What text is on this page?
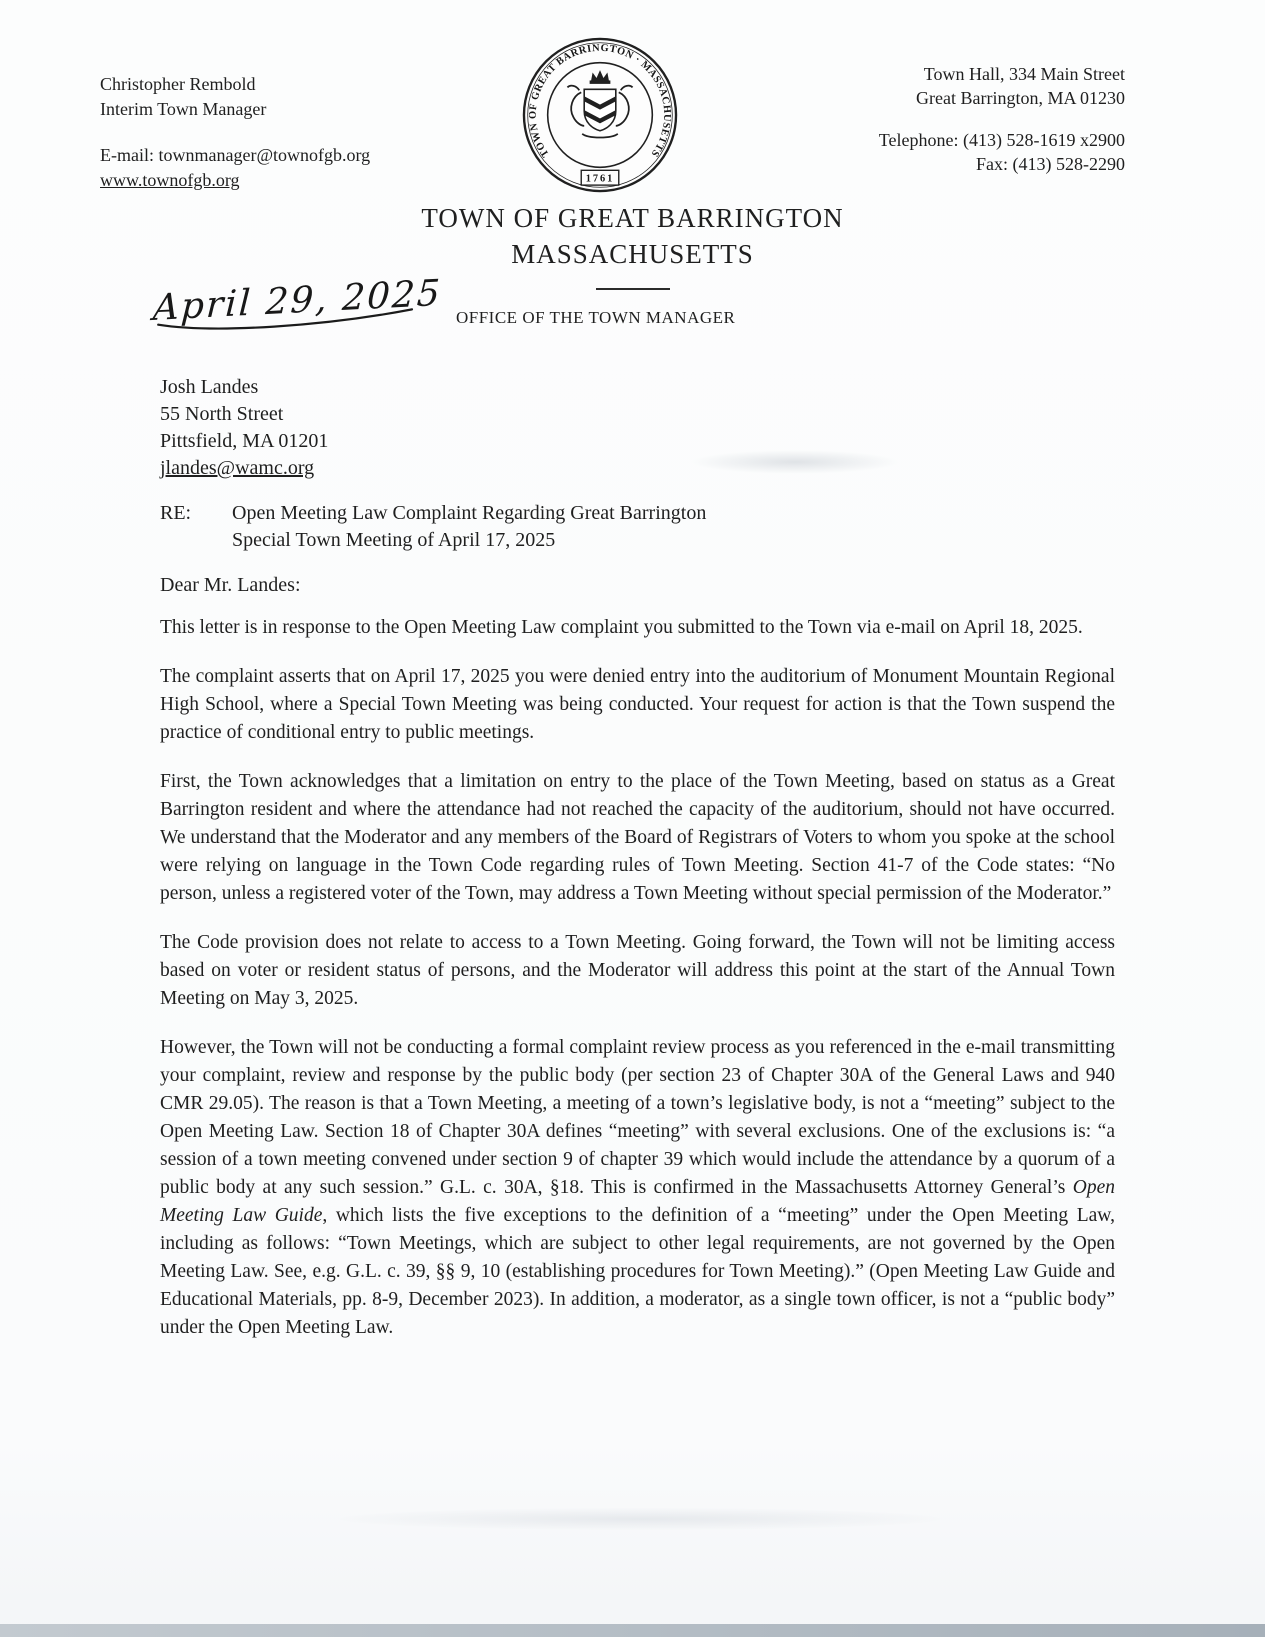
Christopher Rembold
Interim Town Manager
E-mail: townmanager@townofgb.org
www.townofgb.org
TOWN OF GREAT BARRINGTON · MASSACHUSETTS
1761
Town Hall, 334 Main Street
Great Barrington, MA 01230
Telephone: (413) 528-1619 x2900
Fax: (413) 528-2290
TOWN OF GREAT BARRINGTON
MASSACHUSETTS
OFFICE OF THE TOWN MANAGER
April 29, 2025
Josh Landes
55 North Street
Pittsfield, MA 01201
jlandes@wamc.org
RE:	Open Meeting Law Complaint Regarding Great Barrington
Special Town Meeting of April 17, 2025
Dear Mr. Landes:

This letter is in response to the Open Meeting Law complaint you submitted to the Town via e-mail on April 18, 2025.

The complaint asserts that on April 17, 2025 you were denied entry into the auditorium of Monument Mountain Regional High School, where a Special Town Meeting was being conducted. Your request for action is that the Town suspend the practice of conditional entry to public meetings.

First, the Town acknowledges that a limitation on entry to the place of the Town Meeting, based on status as a Great Barrington resident and where the attendance had not reached the capacity of the auditorium, should not have occurred. We understand that the Moderator and any members of the Board of Registrars of Voters to whom you spoke at the school were relying on language in the Town Code regarding rules of Town Meeting. Section 41-7 of the Code states: “No person, unless a registered voter of the Town, may address a Town Meeting without special permission of the Moderator.”

The Code provision does not relate to access to a Town Meeting. Going forward, the Town will not be limiting access based on voter or resident status of persons, and the Moderator will address this point at the start of the Annual Town Meeting on May 3, 2025.

However, the Town will not be conducting a formal complaint review process as you referenced in the e-mail transmitting your complaint, review and response by the public body (per section 23 of Chapter 30A of the General Laws and 940 CMR 29.05). The reason is that a Town Meeting, a meeting of a town’s legislative body, is not a “meeting” subject to the Open Meeting Law. Section 18 of Chapter 30A defines “meeting” with several exclusions. One of the exclusions is: “a session of a town meeting convened under section 9 of chapter 39 which would include the attendance by a quorum of a public body at any such session.” G.L. c. 30A, §18. This is confirmed in the Massachusetts Attorney General’s Open Meeting Law Guide, which lists the five exceptions to the definition of a “meeting” under the Open Meeting Law, including as follows: “Town Meetings, which are subject to other legal requirements, are not governed by the Open Meeting Law. See, e.g. G.L. c. 39, §§ 9, 10 (establishing procedures for Town Meeting).” (Open Meeting Law Guide and Educational Materials, pp. 8-9, December 2023). In addition, a moderator, as a single town officer, is not a “public body” under the Open Meeting Law.
